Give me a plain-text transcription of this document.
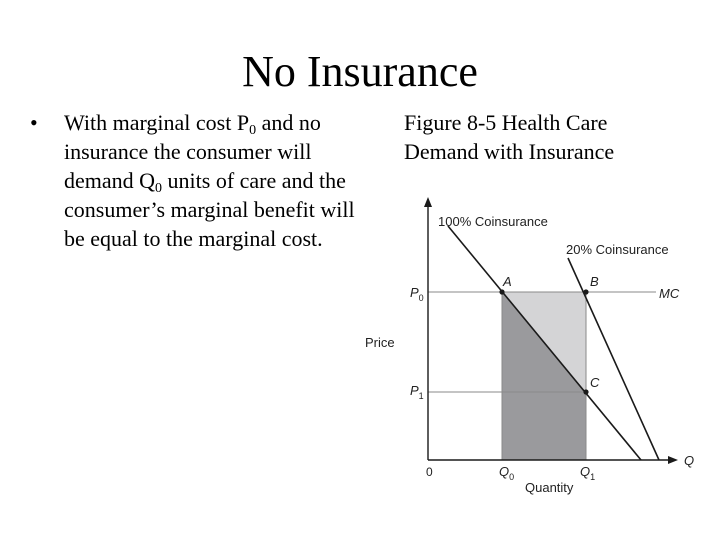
No Insurance
•	With marginal cost $P_0$ and no insurance the consumer will demand $Q_0$ units of care and the consumer’s marginal benefit will be equal to the marginal cost.
Figure 8-5 Health Care
Demand with Insurance
100% Coinsurance
20% Coinsurance
A	B
C
MC
$P_0$
$P_1$
Price
Q
0	$Q_0$	$Q_1$
Quantity
